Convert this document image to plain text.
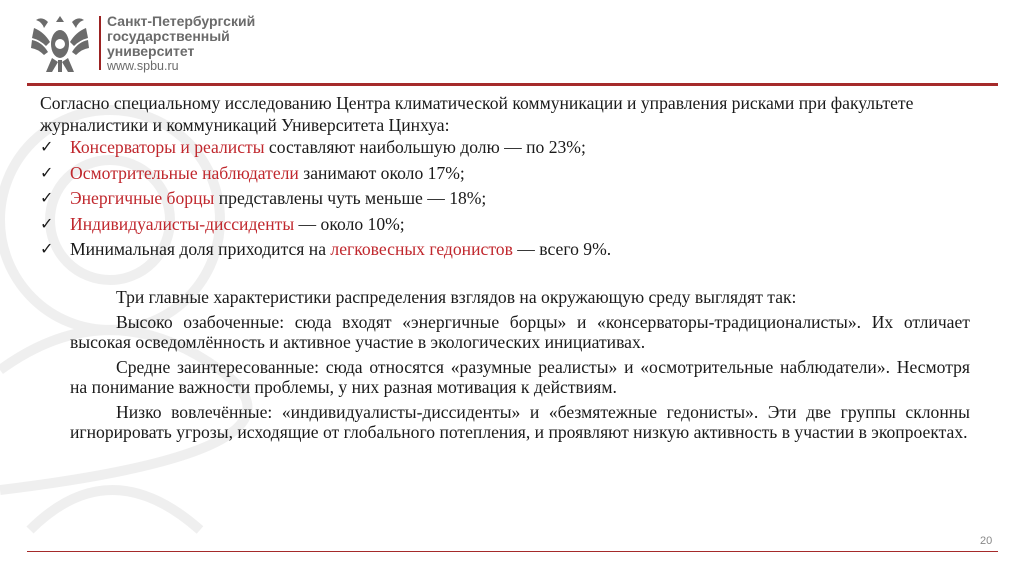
Санкт-Петербургский
государственный
университет
www.spbu.ru

Согласно специальному исследованию Центра климатической коммуникации и управления рисками при факультете журналистики и коммуникаций Университета Цинхуа:

✓ Консерваторы и реалисты составляют наибольшую долю — по 23%;
✓ Осмотрительные наблюдатели занимают около 17%;
✓ Энергичные борцы представлены чуть меньше — 18%;
✓ Индивидуалисты-диссиденты — около 10%;
✓ Минимальная доля приходится на легковесных гедонистов — всего 9%.

Три главные характеристики распределения взглядов на окружающую среду выглядят так:

Высоко озабоченные: сюда входят «энергичные борцы» и «консерваторы-традиционалисты». Их отличает высокая осведомлённость и активное участие в экологических инициативах.

Средне заинтересованные: сюда относятся «разумные реалисты» и «осмотрительные наблюдатели». Несмотря на понимание важности проблемы, у них разная мотивация к действиям.

Низко вовлечённые: «индивидуалисты-диссиденты» и «безмятежные гедонисты». Эти две группы склонны игнорировать угрозы, исходящие от глобального потепления, и проявляют низкую активность в участии в экопроектах.

20
